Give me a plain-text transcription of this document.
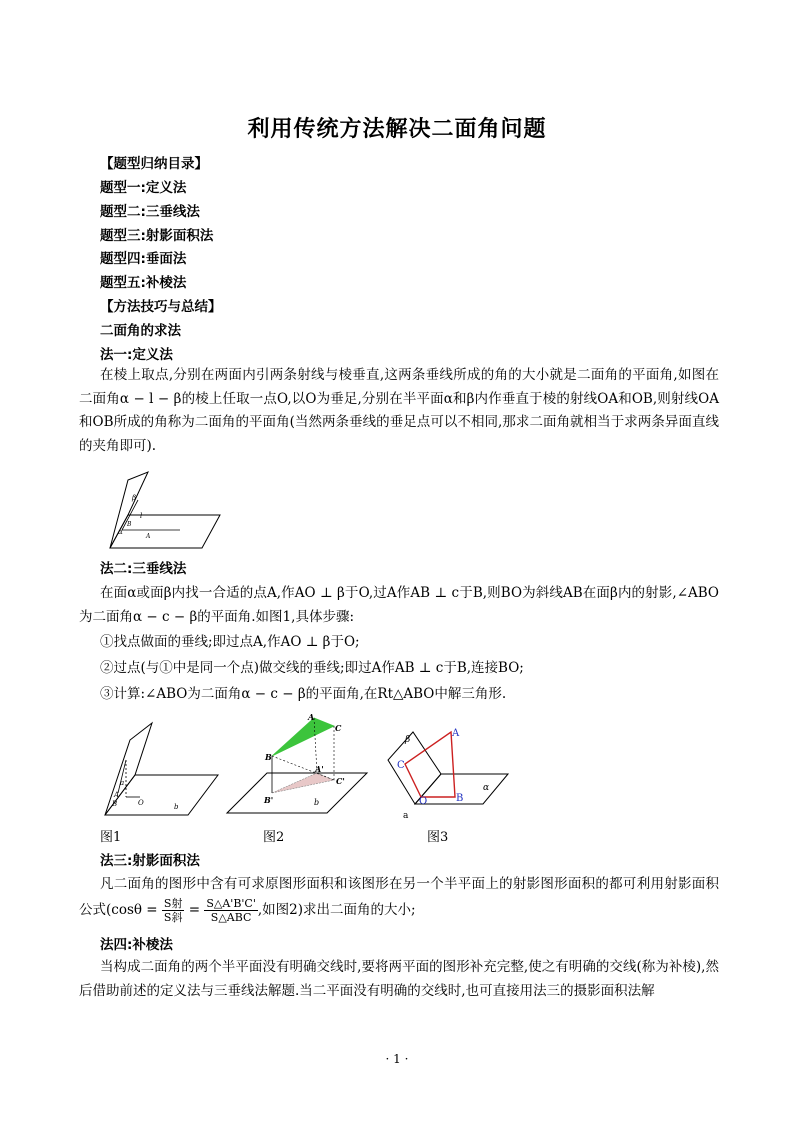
利用传统方法解决二面角问题
【题型归纳目录】
题型一:定义法
题型二:三垂线法
题型三:射影面积法
题型四:垂面法
题型五:补棱法
【方法技巧与总结】
二面角的求法
法一:定义法

在棱上取点,分别在两面内引两条射线与棱垂直,这两条垂线所成的角的大小就是二面角的平面角,如图在二面角α − l − β的棱上任取一点O,以O为垂足,分别在半平面α和β内作垂直于棱的射线OA和OB,则射线OA和OB所成的角称为二面角的平面角(当然两条垂线的垂足点可以不相同,那求二面角就相当于求两条异面直线的夹角即可).

β
l
α
A
B
法二:三垂线法

在面α或面β内找一合适的点A,作AO ⊥ β于O,过A作AB ⊥ c于B,则BO为斜线AB在面β内的射影,∠ABO为二面角α − c − β的平面角.如图1,具体步骤:

①找点做面的垂线;即过点A,作AO ⊥ β于O;
②过点(与①中是同一个点)做交线的垂线;即过A作AB ⊥ c于B,连接BO;
③计算:∠ABO为二面角α − c − β的平面角,在Rt△ABO中解三角形.
a
A
B	O	b
图1
A
C
B
A'
C'
B'	b
图2
β
A
C
O	B
α
a
图3
法三:射影面积法

凡二面角的图形中含有可求原图形面积和该图形在另一个半平面上的射影图形面积的都可利用射影面积公式($\cos\theta = \frac{\text{S射}}{\text{S斜}} = \frac{S\triangle A'B'C'}{\text{S△ABC}}$ ,如图2)求出二面角的大小;

法四:补棱法

当构成二面角的两个半平面没有明确交线时,要将两平面的图形补充完整,使之有明确的交线(称为补棱),然后借助前述的定义法与三垂线法解题.当二平面没有明确的交线时,也可直接用法三的摄影面积法解

· 1 ·
